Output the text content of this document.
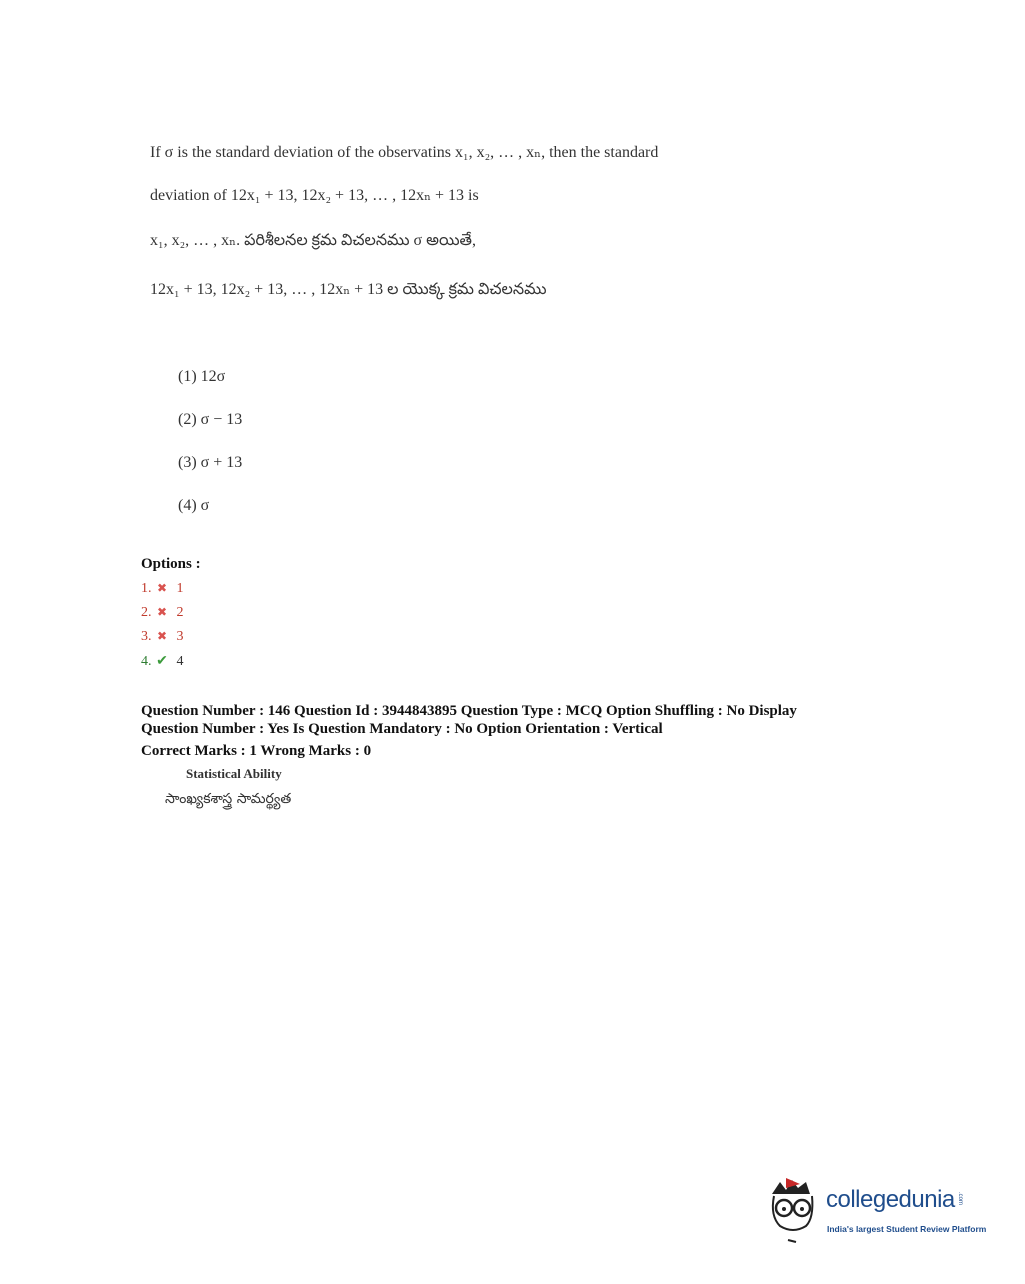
If σ is the standard deviation of the observatins x₁, x₂, … , xₙ, then the standard
deviation of 12x₁ + 13, 12x₂ + 13, … , 12xₙ + 13 is
x₁, x₂, … , xₙ. పరిశీలనల క్రమ విచలనము σ అయితే,
12x₁ + 13, 12x₂ + 13, … , 12xₙ + 13 ల యొక్క క్రమ విచలనము
(1) 12σ
(2) σ − 13
(3) σ + 13
(4) σ
Options :
1. ✖ 1
2. ✖ 2
3. ✖ 3
4. ✔ 4
Question Number : 146 Question Id : 3944843895 Question Type : MCQ Option Shuffling : No Display
Question Number : Yes Is Question Mandatory : No Option Orientation : Vertical
Correct Marks : 1 Wrong Marks : 0
Statistical Ability
సాంఖ్యకశాస్త్ర సామర్థ్యత
collegedunia .com
India's largest Student Review Platform
